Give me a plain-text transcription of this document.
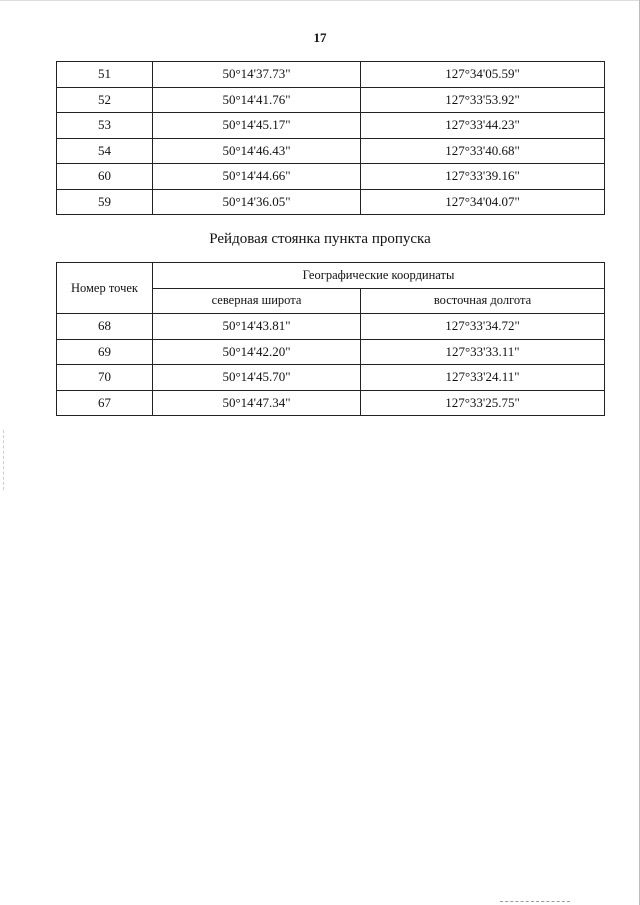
17
51	50°14'37.73"	127°34'05.59"
52	50°14'41.76"	127°33'53.92"
53	50°14'45.17"	127°33'44.23"
54	50°14'46.43"	127°33'40.68"
60	50°14'44.66"	127°33'39.16"
59	50°14'36.05"	127°34'04.07"
Рейдовая стоянка пункта пропуска
Номер точек	Географические координаты	
	северная широта	восточная долгота
68	50°14'43.81"	127°33'34.72"
69	50°14'42.20"	127°33'33.11"
70	50°14'45.70"	127°33'24.11"
67	50°14'47.34"	127°33'25.75"
